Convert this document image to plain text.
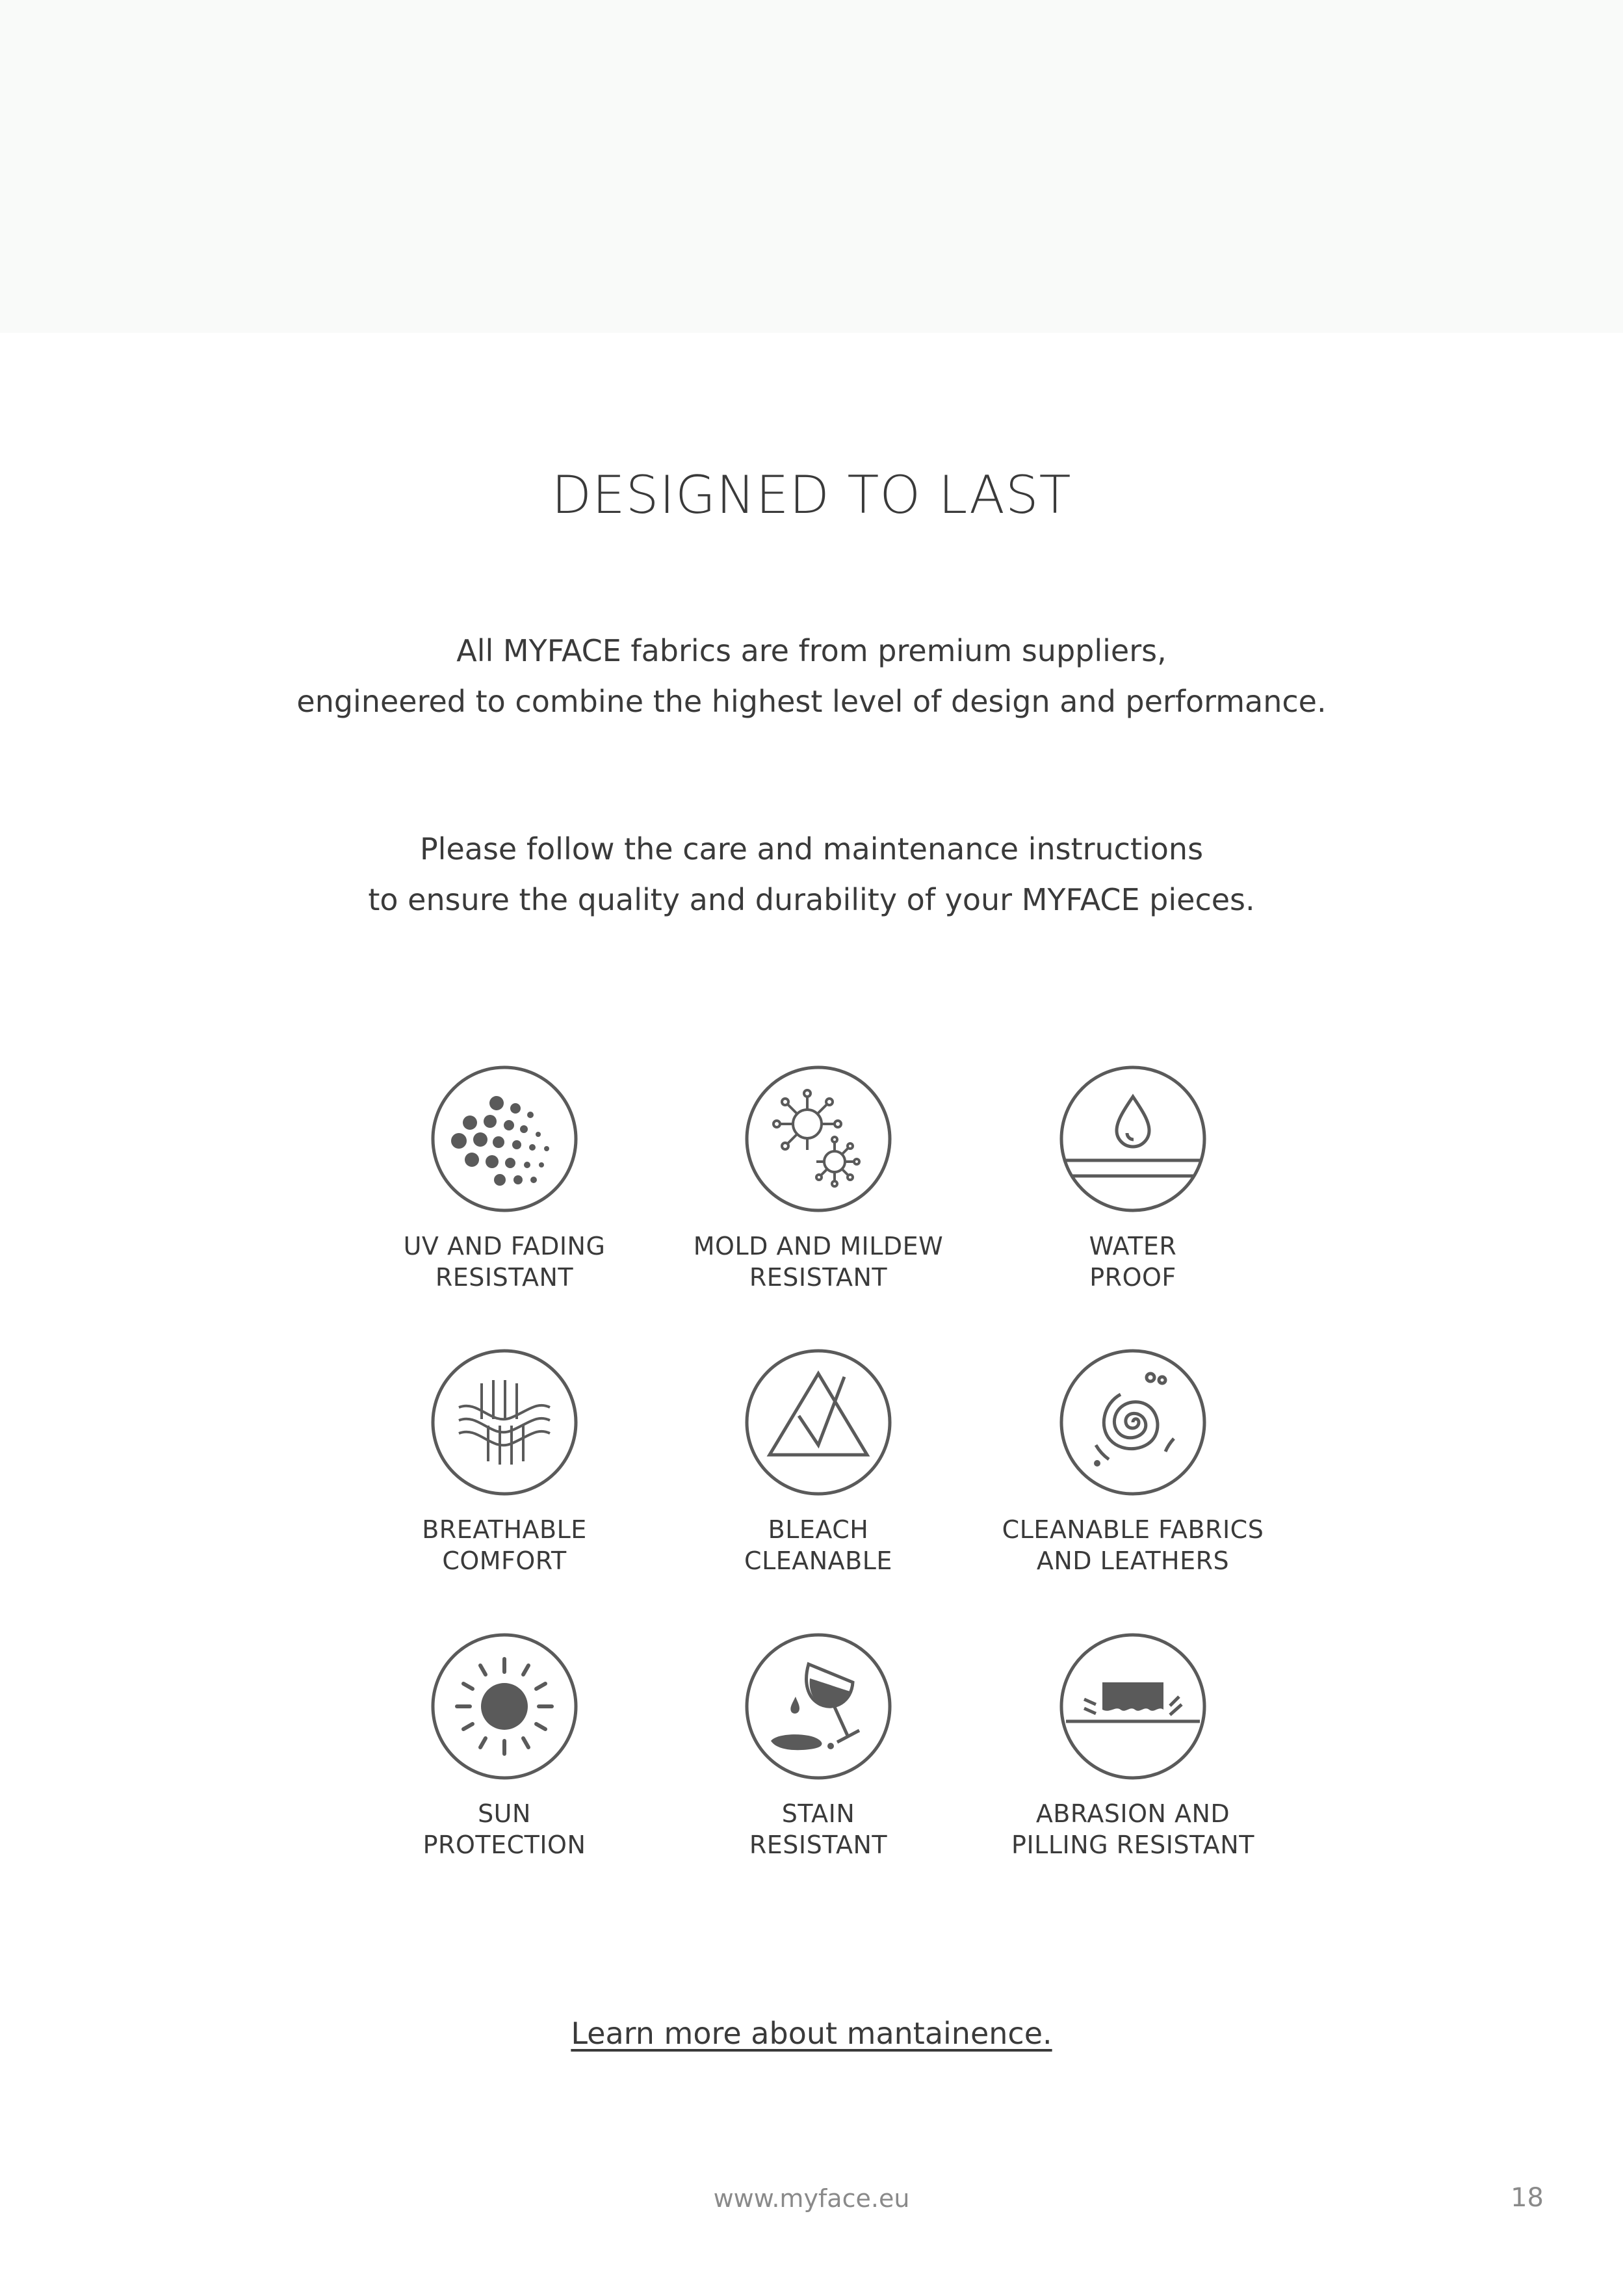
DESIGNED TO LAST
All MYFACE fabrics are from premium suppliers,
engineered to combine the highest level of design and performance.
Please follow the care and maintenance instructions
to ensure the quality and durability of your MYFACE pieces.
UV AND FADING
RESISTANT
MOLD AND MILDEW
RESISTANT
WATER
PROOF
BREATHABLE
COMFORT
BLEACH
CLEANABLE
CLEANABLE FABRICS
AND LEATHERS
SUN
PROTECTION
STAIN
RESISTANT
ABRASION AND
PILLING RESISTANT
Learn more about mantainence.
www.myface.eu	18
